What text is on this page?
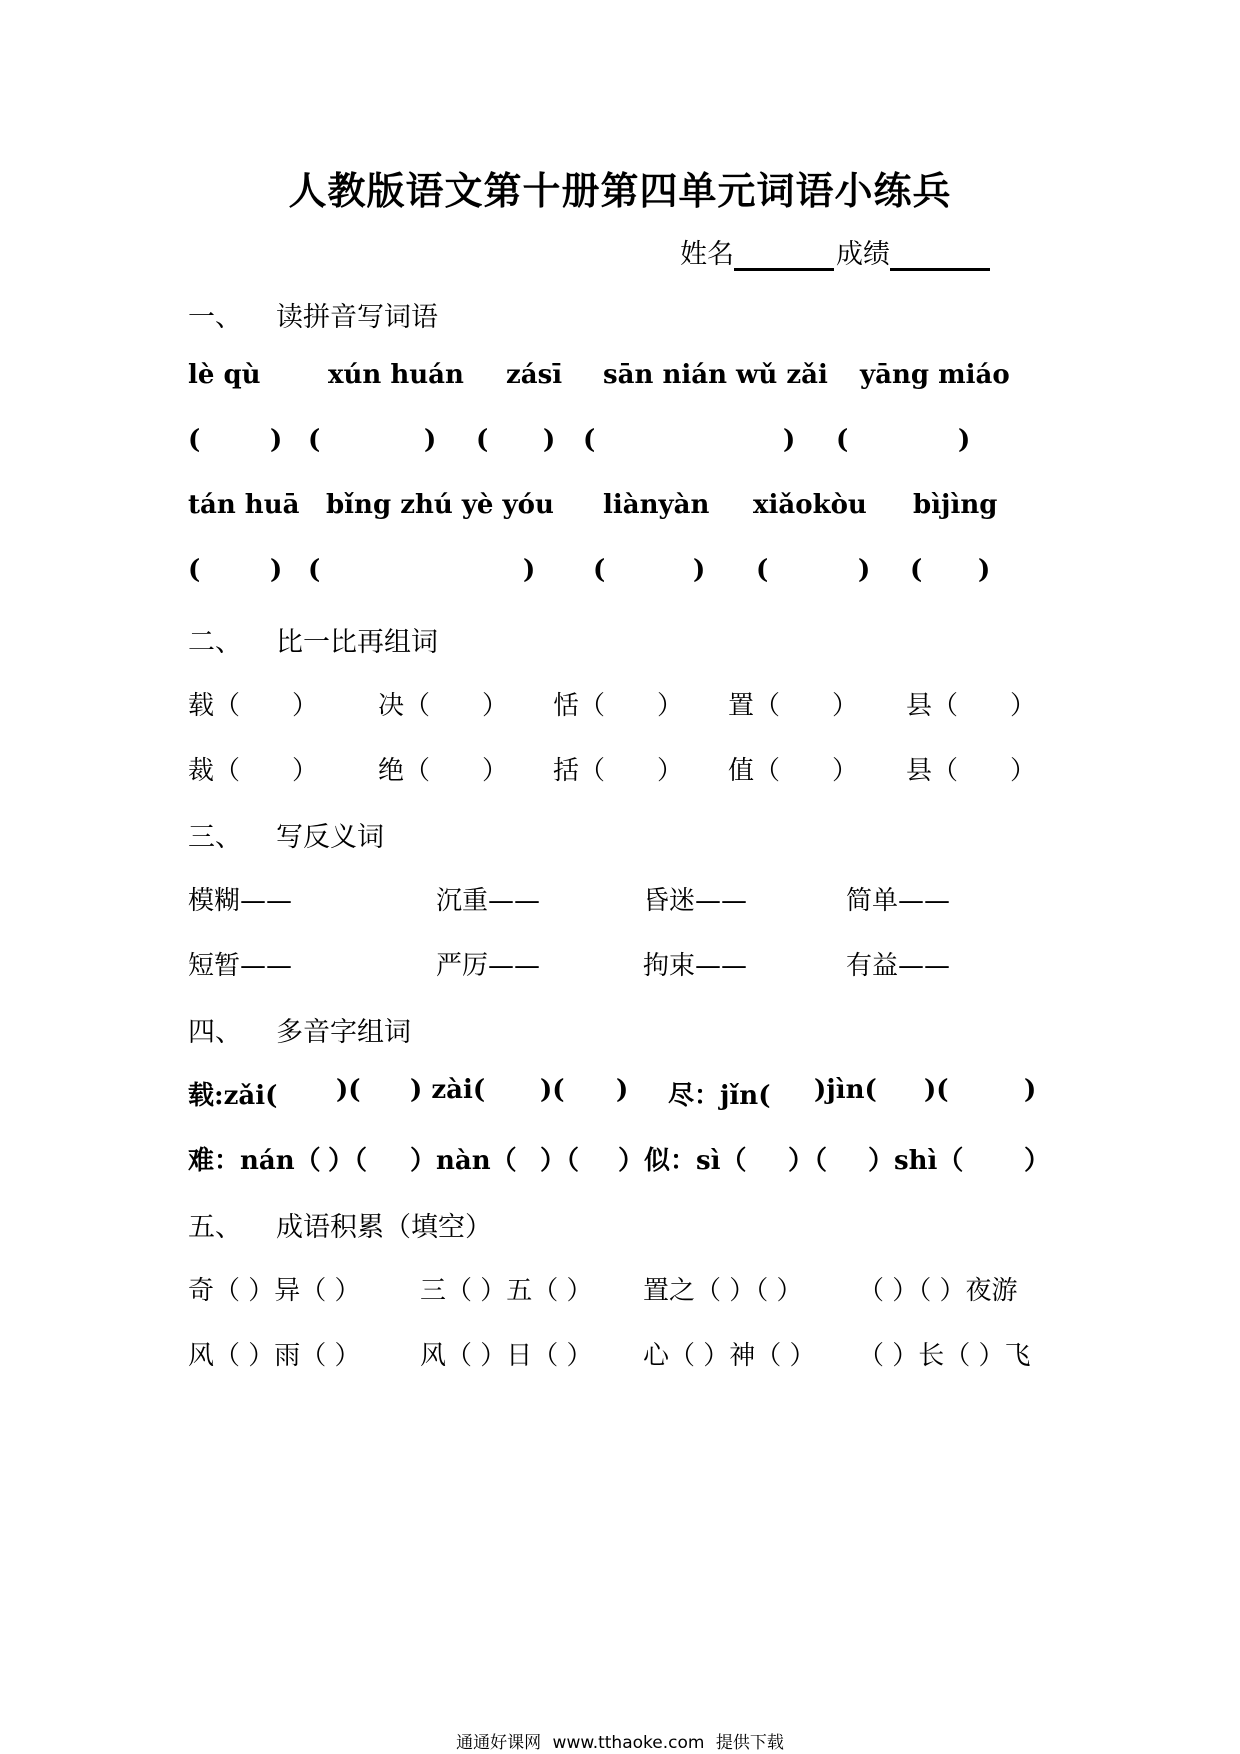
人教版语文第十册第四单元词语小练兵
姓名	成绩
一、 读拼音写词语
lè qù	xún huán zásī sān nián wǔ zǎi yāng miáo
(	) (	) ( ) (	) (	)
tán huā bǐng zhú yè yóu liànyàn xiǎokòu bìjìng
(	) (	) (	) (	) ( )
二、 比一比再组词
载（　　） 决（　　） 恬（　　） 置（　　） 县（　　）
裁（　　） 绝（　　） 括（　　） 值（　　） 县（　　）
三、 写反义词
模糊——	沉重——	昏迷——	简单——
短暂——	严厉——	拘束——	有益——
四、 多音字组词
载:zǎi( )( ) zài( )( ) 尽：jǐn( )jìn( )(	)
难：nán（ ）（ ）nàn（ ）（ ）似：sì（ ）（ ）shì（ ）
五、 成语积累（填空）
奇（ ）异（ ） 三（ ）五（ ） 置之（ ）（ ） （ ）（ ）夜游
风（ ）雨（ ） 风（ ）日（ ） 心（ ）神（ ） （ ）长（ ）飞
通通好课网 www.tthaoke.com 提供下载
